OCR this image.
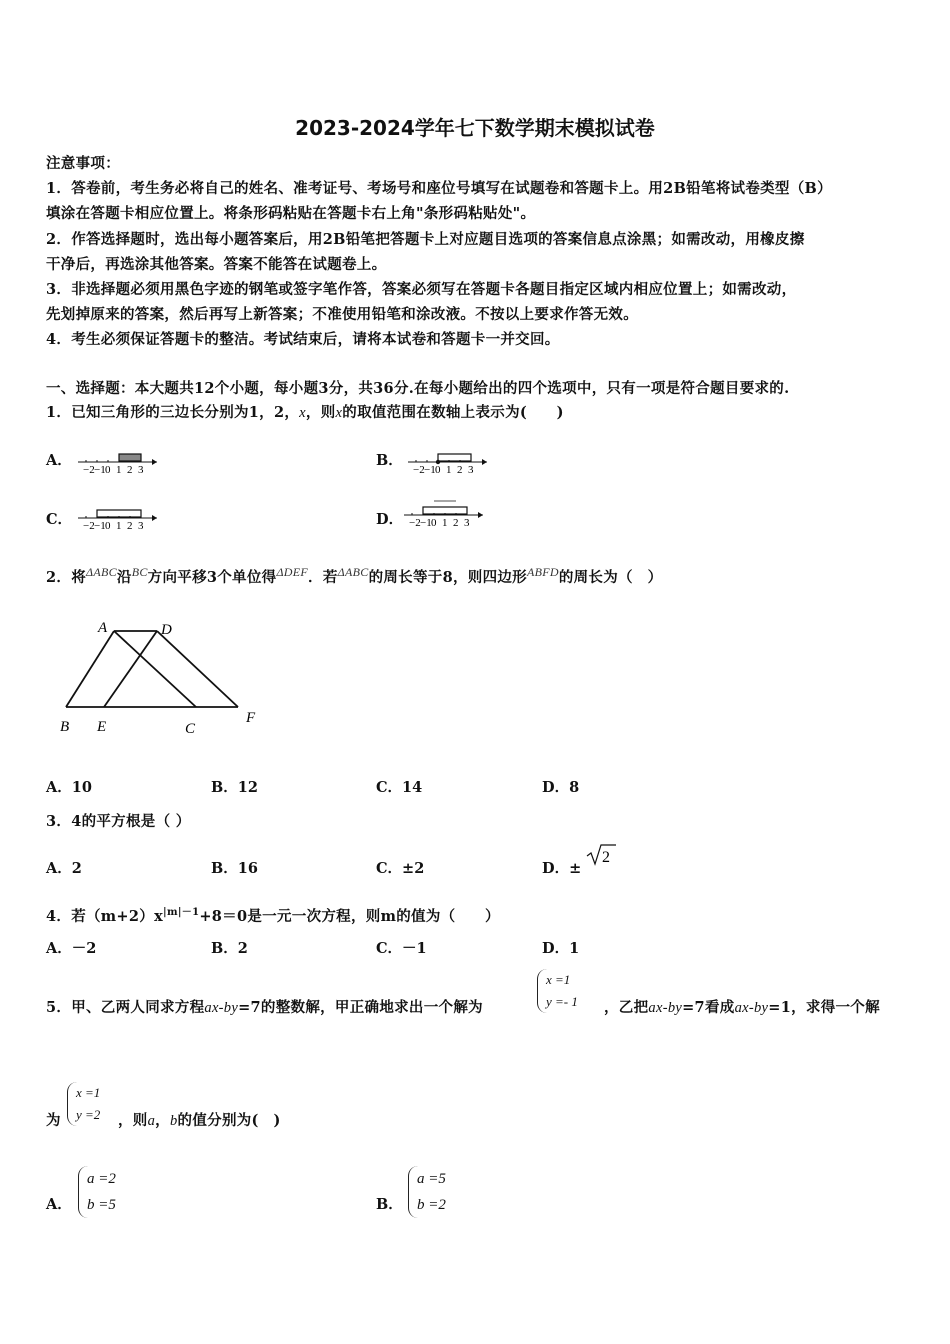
2023-2024学年七下数学期末模拟试卷
注意事项：
1．答卷前，考生务必将自己的姓名、准考证号、考场号和座位号填写在试题卷和答题卡上。用2B铅笔将试卷类型（B）
填涂在答题卡相应位置上。将条形码粘贴在答题卡右上角"条形码粘贴处"。
2．作答选择题时，选出每小题答案后，用2B铅笔把答题卡上对应题目选项的答案信息点涂黑；如需改动，用橡皮擦
干净后，再选涂其他答案。答案不能答在试题卷上。
3．非选择题必须用黑色字迹的钢笔或签字笔作答，答案必须写在答题卡各题目指定区域内相应位置上；如需改动，
先划掉原来的答案，然后再写上新答案；不准使用铅笔和涂改液。不按以上要求作答无效。
4．考生必须保证答题卡的整洁。考试结束后，请将本试卷和答题卡一并交回。
一、选择题：本大题共12个小题，每小题3分，共36分.在每小题给出的四个选项中，只有一项是符合题目要求的.
1．已知三角形的三边长分别为1，2，x，则x的取值范围在数轴上表示为(　　)
A．
−2 −1 0 1 2 3
B．
−2 −1 0 1 2 3
C． −2 −1 0 1 2 3	D． −2 −1 0 1 2 3
2．将$^{\Delta ABC}$沿$^{BC}$方向平移3个单位得$^{\Delta DEF}$．若$^{\Delta ABC}$的周长等于8，则四边形$^{ABFD}$的周长为（　）
A	D
B E	C
F
A．10	B．12	C．14	D．8
3．4的平方根是（ ）
A．2	B．16	C．±2	D．±
2
4．若$(m+2)x^{|m|-1}+8=0$是一元一次方程，则m的值为（　　）
A．－2	B．2	C．－1	D．1
5．甲、乙两人同求方程ax-by=7的整数解，甲正确地求出一个解为
x =1
y =- 1 ，乙把ax-by=7看成ax-by=1，求得一个解
为
x =1
y =2 ，则a，b的值分别为(　)
A．
a =2
b =5	B．
a =5
b =2
